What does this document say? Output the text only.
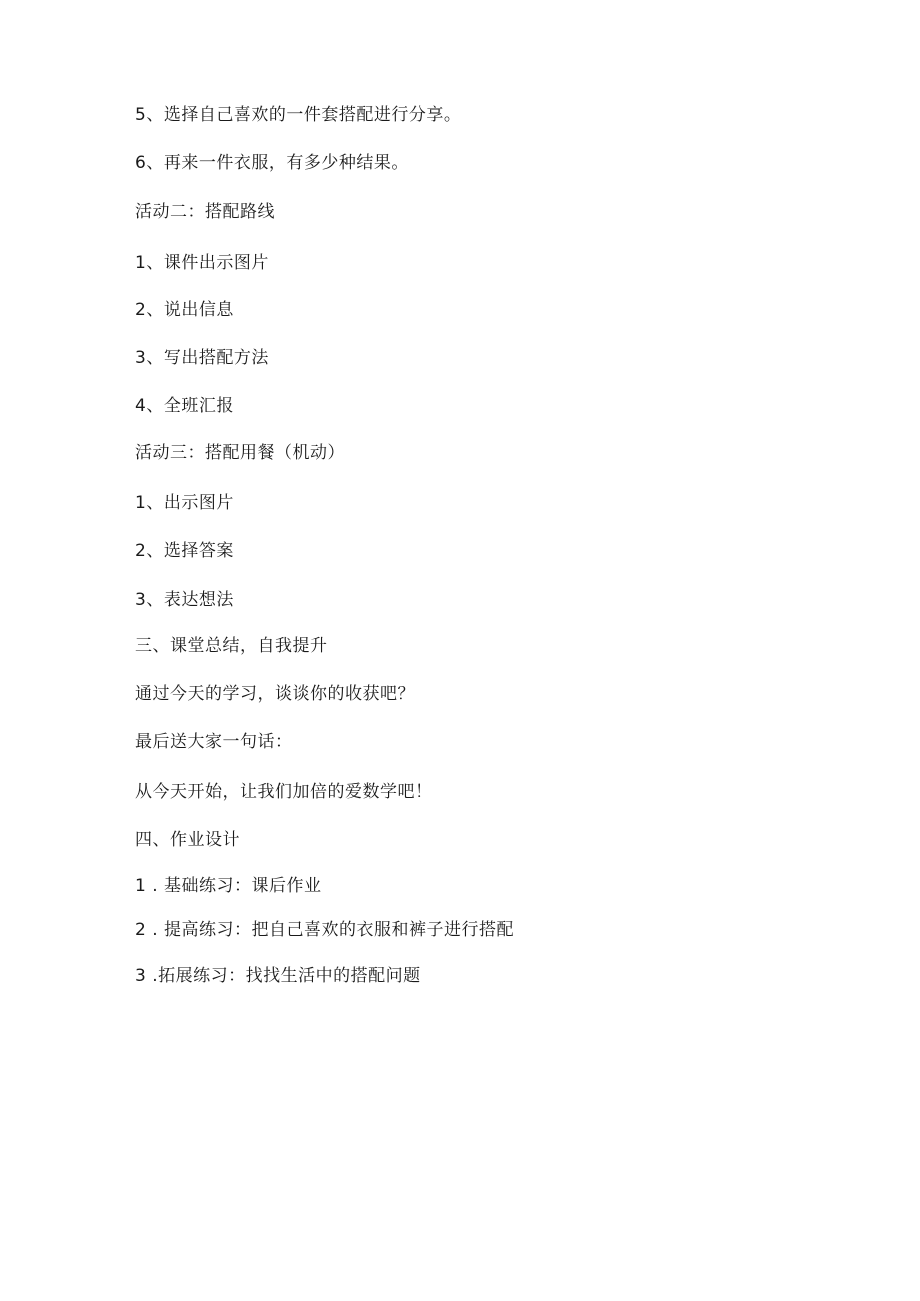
5、选择自己喜欢的一件套搭配进行分享。
6、再来一件衣服，有多少种结果。
活动二：搭配路线
1、课件出示图片
2、说出信息
3、写出搭配方法
4、全班汇报
活动三：搭配用餐（机动）
1、出示图片
2、选择答案
3、表达想法
三、课堂总结，自我提升
通过今天的学习，谈谈你的收获吧？
最后送大家一句话：
从今天开始，让我们加倍的爱数学吧！
四、作业设计
1 . 基础练习：课后作业
2 . 提高练习：把自己喜欢的衣服和裤子进行搭配
3 .拓展练习：找找生活中的搭配问题
